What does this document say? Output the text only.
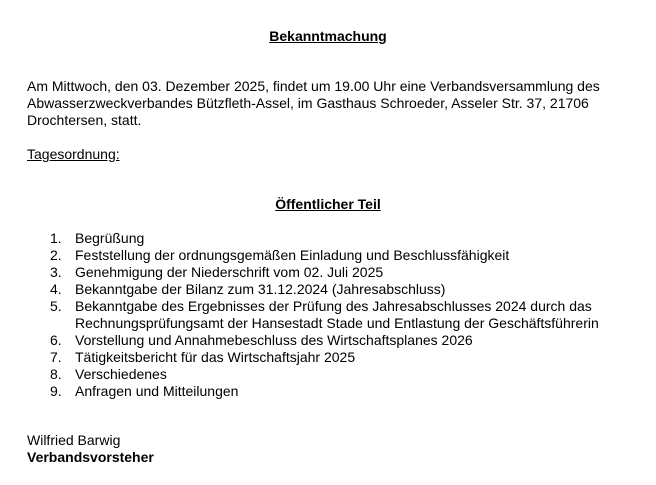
Bekanntmachung
Am Mittwoch, den 03. Dezember 2025, findet um 19.00 Uhr eine Verbandsversammlung des Abwasserzweckverbandes Bützfleth-Assel, im Gasthaus Schroeder, Asseler Str. 37, 21706 Drochtersen, statt.
Tagesordnung:
Öffentlicher Teil
1. Begrüßung
2. Feststellung der ordnungsgemäßen Einladung und Beschlussfähigkeit
3. Genehmigung der Niederschrift vom 02. Juli 2025
4. Bekanntgabe der Bilanz zum 31.12.2024 (Jahresabschluss)
5. Bekanntgabe des Ergebnisses der Prüfung des Jahresabschlusses 2024 durch das Rechnungsprüfungsamt der Hansestadt Stade und Entlastung der Geschäftsführerin
6. Vorstellung und Annahmebeschluss des Wirtschaftsplanes 2026
7. Tätigkeitsbericht für das Wirtschaftsjahr 2025
8. Verschiedenes
9. Anfragen und Mitteilungen
Wilfried Barwig
Verbandsvorsteher
